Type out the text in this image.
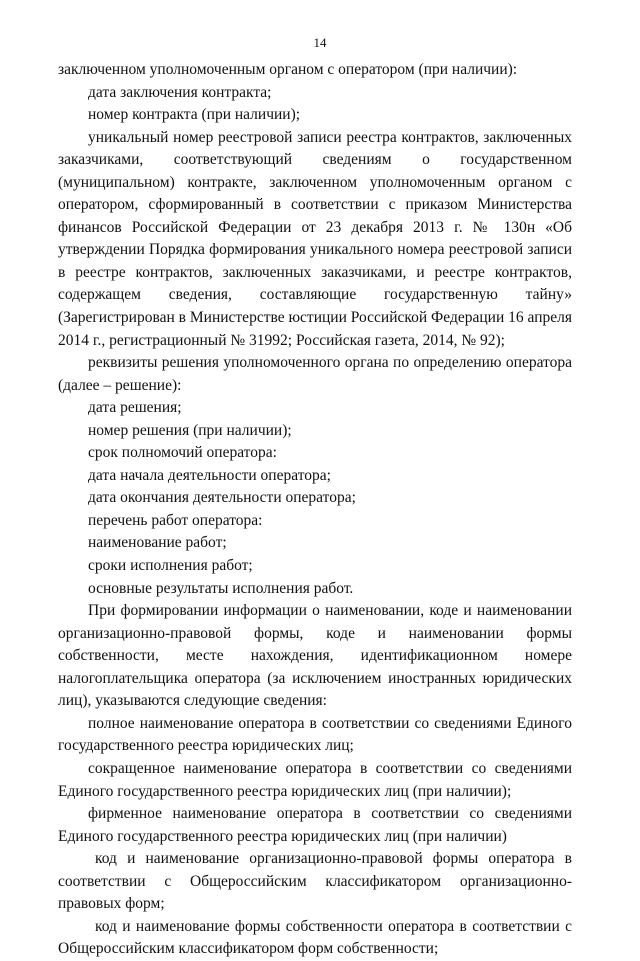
14

заключенном уполномоченным органом с оператором (при наличии):

дата заключения контракта;

номер контракта (при наличии);

уникальный номер реестровой записи реестра контрактов, заключенных заказчиками, соответствующий сведениям о государственном (муниципальном) контракте, заключенном уполномоченным органом с оператором, сформированный в соответствии с приказом Министерства финансов Российской Федерации от 23 декабря 2013 г. № 130н «Об утверждении Порядка формирования уникального номера реестровой записи в реестре контрактов, заключенных заказчиками, и реестре контрактов, содержащем сведения, составляющие государственную тайну» (Зарегистрирован в Министерстве юстиции Российской Федерации 16 апреля 2014 г., регистрационный № 31992; Российская газета, 2014, № 92);

реквизиты решения уполномоченного органа по определению оператора (далее – решение):

дата решения;

номер решения (при наличии);

срок полномочий оператора:

дата начала деятельности оператора;

дата окончания деятельности оператора;

перечень работ оператора:

наименование работ;

сроки исполнения работ;

основные результаты исполнения работ.

При формировании информации о наименовании, коде и наименовании организационно-правовой формы, коде и наименовании формы собственности, месте нахождения, идентификационном номере налогоплательщика оператора (за исключением иностранных юридических лиц), указываются следующие сведения:

полное наименование оператора в соответствии со сведениями Единого государственного реестра юридических лиц;

сокращенное наименование оператора в соответствии со сведениями Единого государственного реестра юридических лиц (при наличии);

фирменное наименование оператора в соответствии со сведениями Единого государственного реестра юридических лиц (при наличии)

код и наименование организационно-правовой формы оператора в соответствии с Общероссийским классификатором организационно-правовых форм;

код и наименование формы собственности оператора в соответствии с Общероссийским классификатором форм собственности;
